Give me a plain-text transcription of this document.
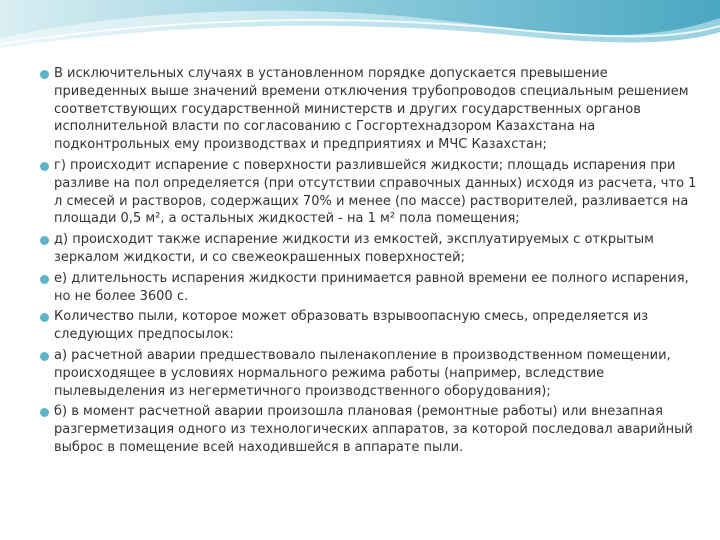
В исключительных случаях в установленном порядке допускается превышение приведенных выше значений времени отключения трубопроводов специальным решением соответствующих государственной министерств и других государственных органов исполнительной власти по согласованию с Госгортехнадзором Казахстана на подконтрольных ему производствах и предприятиях и МЧС Казахстан;
г) происходит испарение с поверхности разлившейся жидкости; площадь испарения при разливе на пол определяется (при отсутствии справочных данных) исходя из расчета, что 1 л смесей и растворов, содержащих 70% и менее (по массе) растворителей, разливается на площади 0,5 м², а остальных жидкостей - на 1 м² пола помещения;
д) происходит также испарение жидкости из емкостей, эксплуатируемых с открытым зеркалом жидкости, и со свежеокрашенных поверхностей;
е) длительность испарения жидкости принимается равной времени ее полного испарения, но не более 3600 с.
Количество пыли, которое может образовать взрывоопасную смесь, определяется из следующих предпосылок:
а) расчетной аварии предшествовало пыленакопление в производственном помещении, происходящее в условиях нормального режима работы (например, вследствие пылевыделения из негерметичного производственного оборудования);
б) в момент расчетной аварии произошла плановая (ремонтные работы) или внезапная разгерметизация одного из технологических аппаратов, за которой последовал аварийный выброс в помещение всей находившейся в аппарате пыли.
